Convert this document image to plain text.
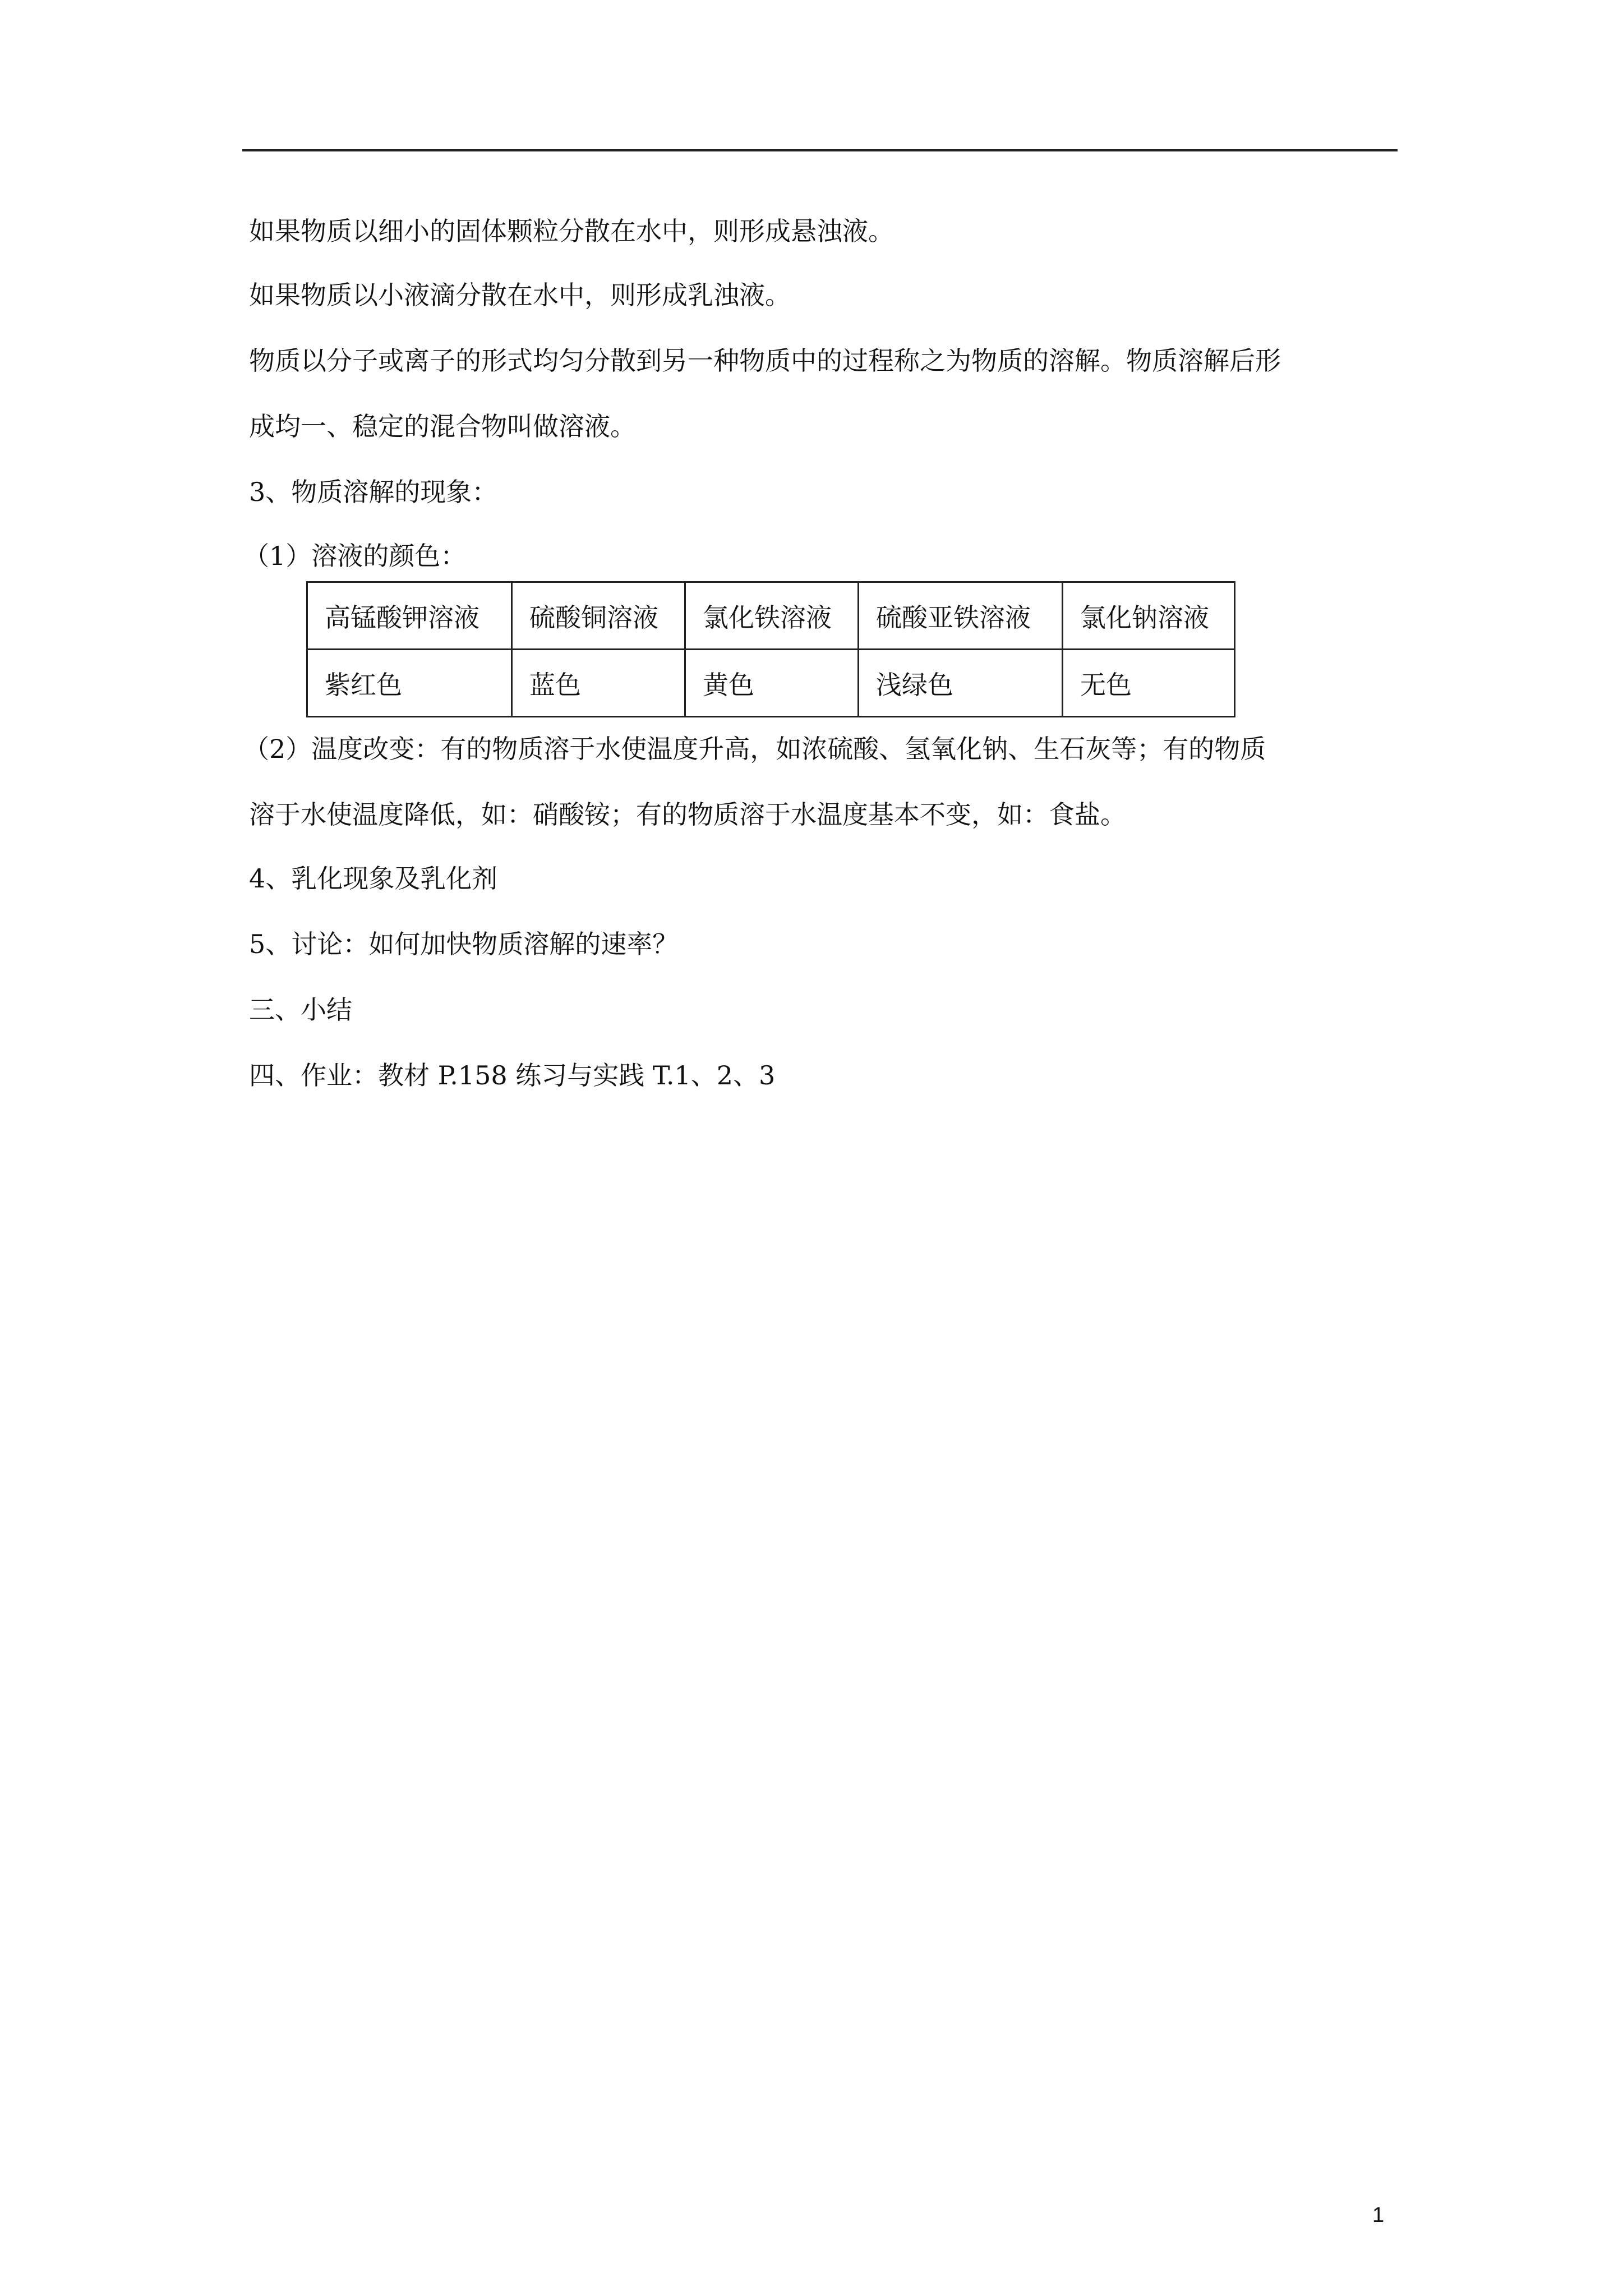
如果物质以细小的固体颗粒分散在水中，则形成悬浊液。

如果物质以小液滴分散在水中，则形成乳浊液。

物质以分子或离子的形式均匀分散到另一种物质中的过程称之为物质的溶解。物质溶解后形

成均一、稳定的混合物叫做溶液。

3、物质溶解的现象：

（1）溶液的颜色：

高锰酸钾溶液	硫酸铜溶液	氯化铁溶液	硫酸亚铁溶液	氯化钠溶液
紫红色	蓝色	黄色	浅绿色	无色

（2）温度改变：有的物质溶于水使温度升高，如浓硫酸、氢氧化钠、生石灰等；有的物质

溶于水使温度降低，如：硝酸铵；有的物质溶于水温度基本不变，如：食盐。

4、乳化现象及乳化剂

5、讨论：如何加快物质溶解的速率？

三、小结

四、作业：教材 P.158 练习与实践 T.1、2、3

1
